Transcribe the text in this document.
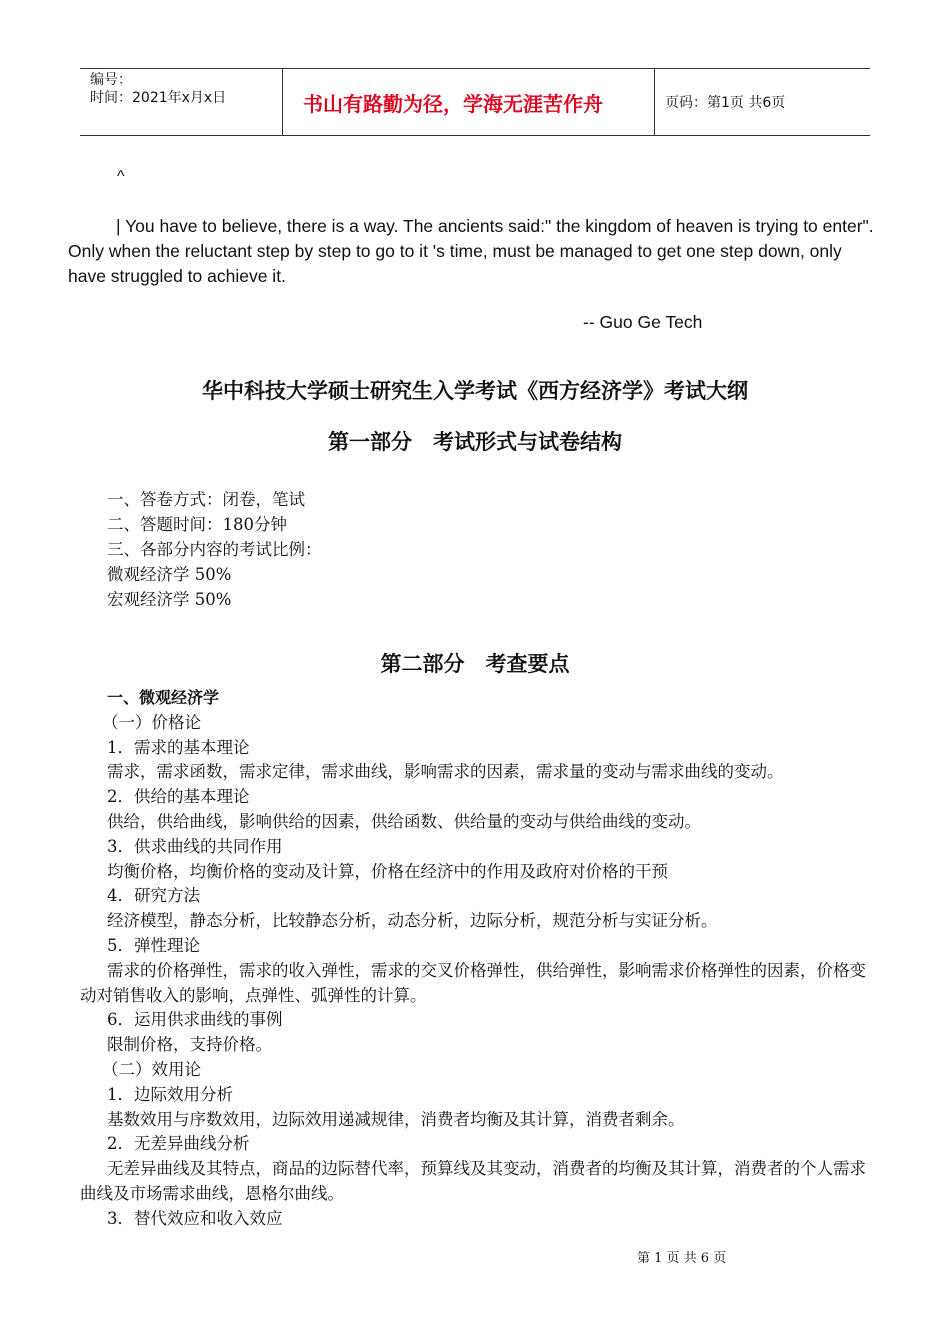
编号：
时间：2021年x月x日	书山有路勤为径，学海无涯苦作舟	页码：第1页 共6页
^
| You have to believe, there is a way. The ancients said:" the kingdom of heaven is trying to enter". Only when the reluctant step by step to go to it 's time, must be managed to get one step down, only have struggled to achieve it.
-- Guo Ge Tech
华中科技大学硕士研究生入学考试《西方经济学》考试大纲
第一部分　考试形式与试卷结构
一、答卷方式：闭卷，笔试
二、答题时间：180分钟
三、各部分内容的考试比例：
微观经济学 50%
宏观经济学 50%
第二部分　考查要点
一、微观经济学
（一）价格论
1．需求的基本理论
需求，需求函数，需求定律，需求曲线，影响需求的因素，需求量的变动与需求曲线的变动。
2．供给的基本理论
供给，供给曲线，影响供给的因素，供给函数、供给量的变动与供给曲线的变动。
3．供求曲线的共同作用
均衡价格，均衡价格的变动及计算，价格在经济中的作用及政府对价格的干预
4．研究方法
经济模型，静态分析，比较静态分析，动态分析，边际分析，规范分析与实证分析。
5．弹性理论
需求的价格弹性，需求的收入弹性，需求的交叉价格弹性，供给弹性，影响需求价格弹性的因素，价格变动对销售收入的影响，点弹性、弧弹性的计算。
6．运用供求曲线的事例
限制价格，支持价格。
（二）效用论
1．边际效用分析
基数效用与序数效用，边际效用递减规律，消费者均衡及其计算，消费者剩余。
2．无差异曲线分析
无差异曲线及其特点，商品的边际替代率，预算线及其变动，消费者的均衡及其计算，消费者的个人需求曲线及市场需求曲线，恩格尔曲线。
3．替代效应和收入效应
第 1 页 共 6 页
